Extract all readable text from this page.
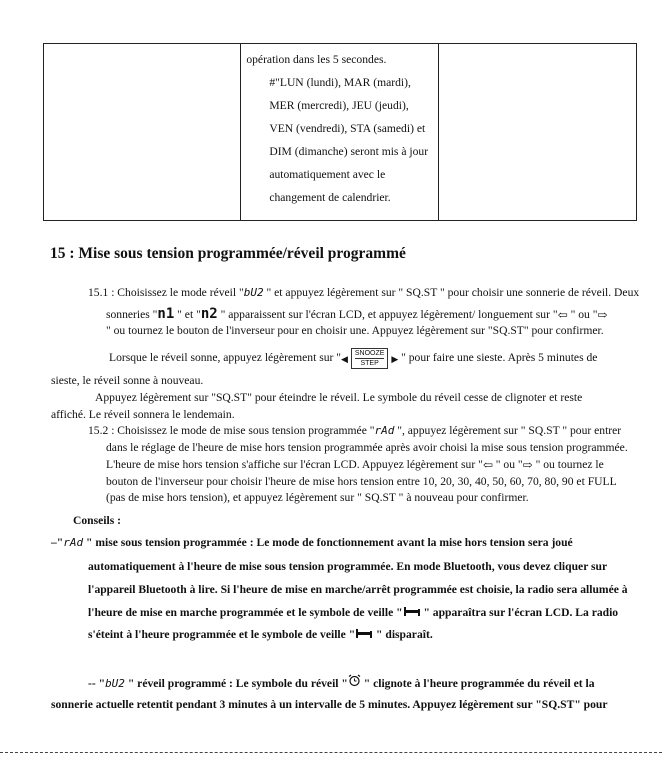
opération dans les 5 secondes.
#"LUN (lundi), MAR (mardi),
MER (mercredi), JEU (jeudi),
VEN (vendredi), STA (samedi) et
DIM (dimanche) seront mis à jour
automatiquement avec le
changement de calendrier.

15 : Mise sous tension programmée/réveil programmé
15.1 : Choisissez le mode réveil "bU2 " et appuyez légèrement sur " SQ.ST " pour choisir une sonnerie de réveil. Deux
sonneries "n1 " et "n2 " apparaissent sur l'écran LCD, et appuyez légèrement/ longuement sur "⇦ " ou "⇨
" ou tournez le bouton de l'inverseur pour en choisir une. Appuyez légèrement sur "SQ.ST" pour confirmer.
Lorsque le réveil sonne, appuyez légèrement sur "◀ SNOOZE
STEP	▶ " pour faire une sieste. Après 5 minutes de
sieste, le réveil sonne à nouveau.
Appuyez légèrement sur "SQ.ST" pour éteindre le réveil. Le symbole du réveil cesse de clignoter et reste
affiché. Le réveil sonnera le lendemain.
15.2 : Choisissez le mode de mise sous tension programmée "rAd ", appuyez légèrement sur " SQ.ST " pour entrer
dans le réglage de l'heure de mise hors tension programmée après avoir choisi la mise sous tension programmée.
L'heure de mise hors tension s'affiche sur l'écran LCD. Appuyez légèrement sur "⇦ " ou "⇨ " ou tournez le
bouton de l'inverseur pour choisir l'heure de mise hors tension entre 10, 20, 30, 40, 50, 60, 70, 80, 90 et FULL
(pas de mise hors tension), et appuyez légèrement sur " SQ.ST " à nouveau pour confirmer.
Conseils :
–"rAd " mise sous tension programmée : Le mode de fonctionnement avant la mise hors tension sera joué
automatiquement à l'heure de mise sous tension programmée. En mode Bluetooth, vous devez cliquer sur
l'appareil Bluetooth à lire. Si l'heure de mise en marche/arrêt programmée est choisie, la radio sera allumée à
l'heure de mise en marche programmée et le symbole de veille " " apparaîtra sur l'écran LCD. La radio
s'éteint à l'heure programmée et le symbole de veille " " disparaît.
-- "bU2 " réveil programmé : Le symbole du réveil " " clignote à l'heure programmée du réveil et la
sonnerie actuelle retentit pendant 3 minutes à un intervalle de 5 minutes. Appuyez légèrement sur "SQ.ST" pour
